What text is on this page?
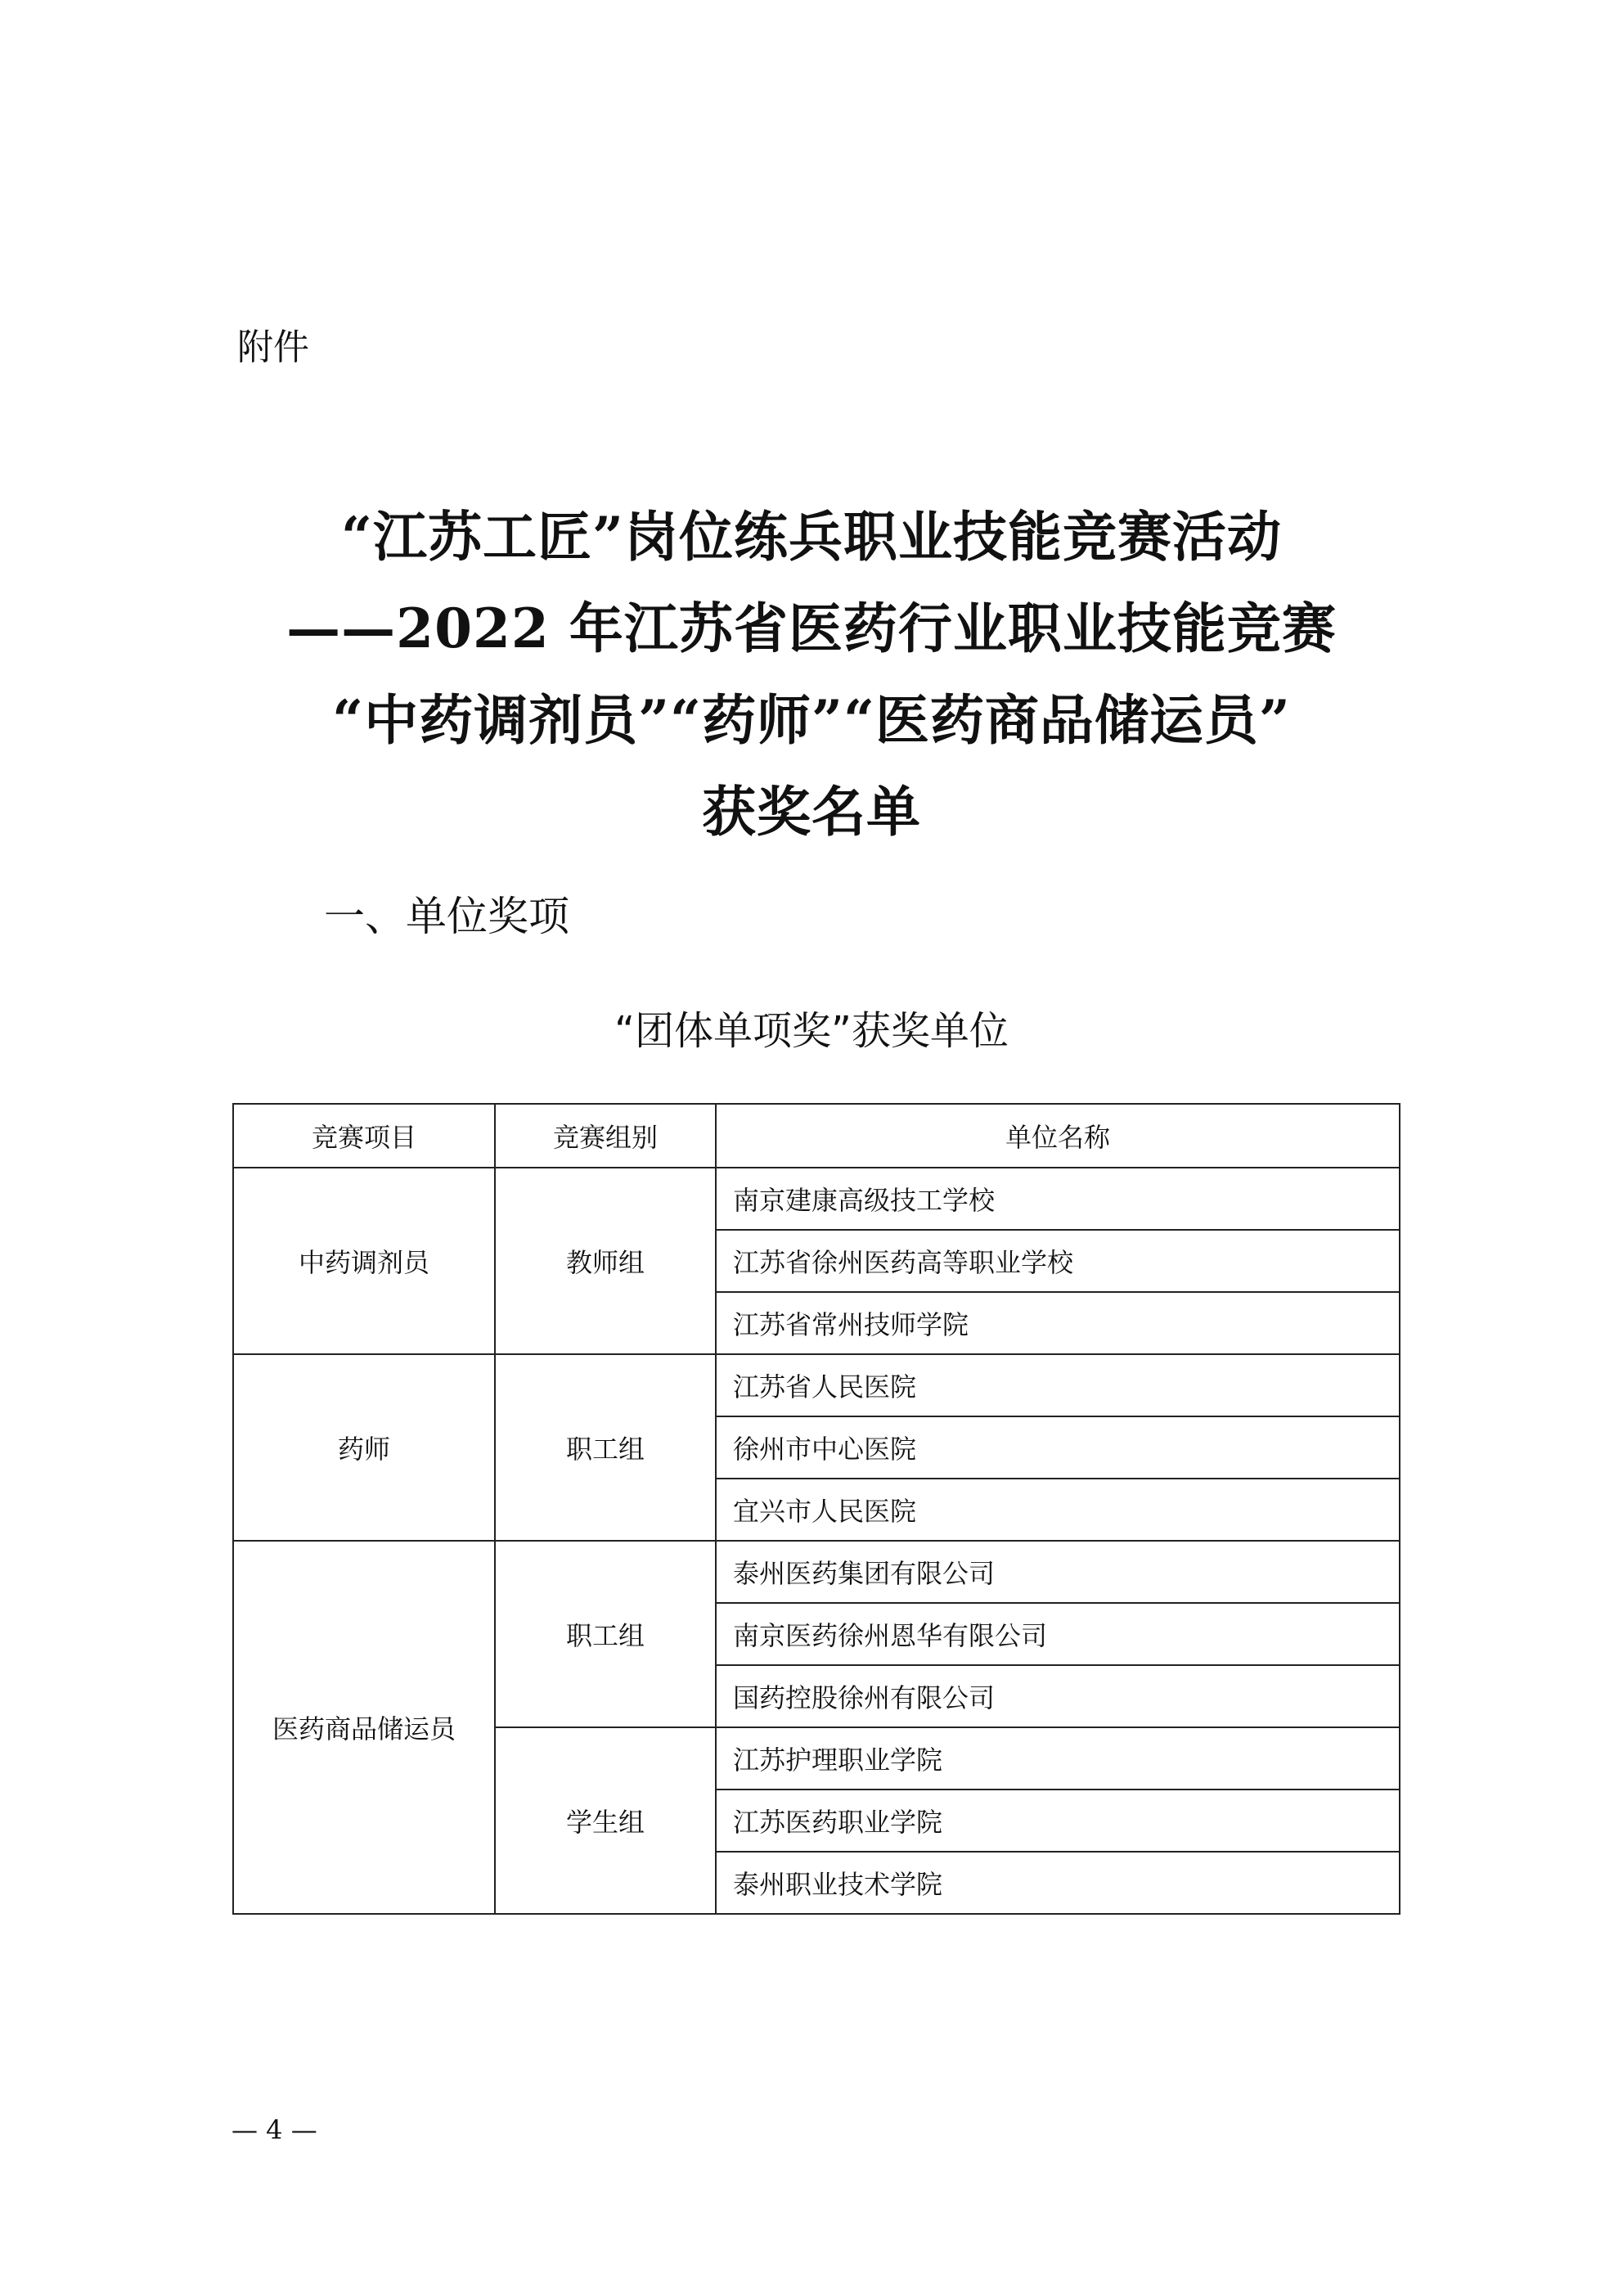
附件
“江苏工匠”岗位练兵职业技能竞赛活动
——2022 年江苏省医药行业职业技能竞赛
“中药调剂员”“药师”“医药商品储运员”
获奖名单
一、单位奖项
“团体单项奖”获奖单位
竞赛项目	竞赛组别	单位名称
中药调剂员	教师组	南京建康高级技工学校
		江苏省徐州医药高等职业学校
		江苏省常州技师学院
药师	职工组	江苏省人民医院
		徐州市中心医院
		宜兴市人民医院
医药商品储运员	职工组	泰州医药集团有限公司
		南京医药徐州恩华有限公司
		国药控股徐州有限公司
	学生组	江苏护理职业学院
		江苏医药职业学院
		泰州职业技术学院
— 4 —
